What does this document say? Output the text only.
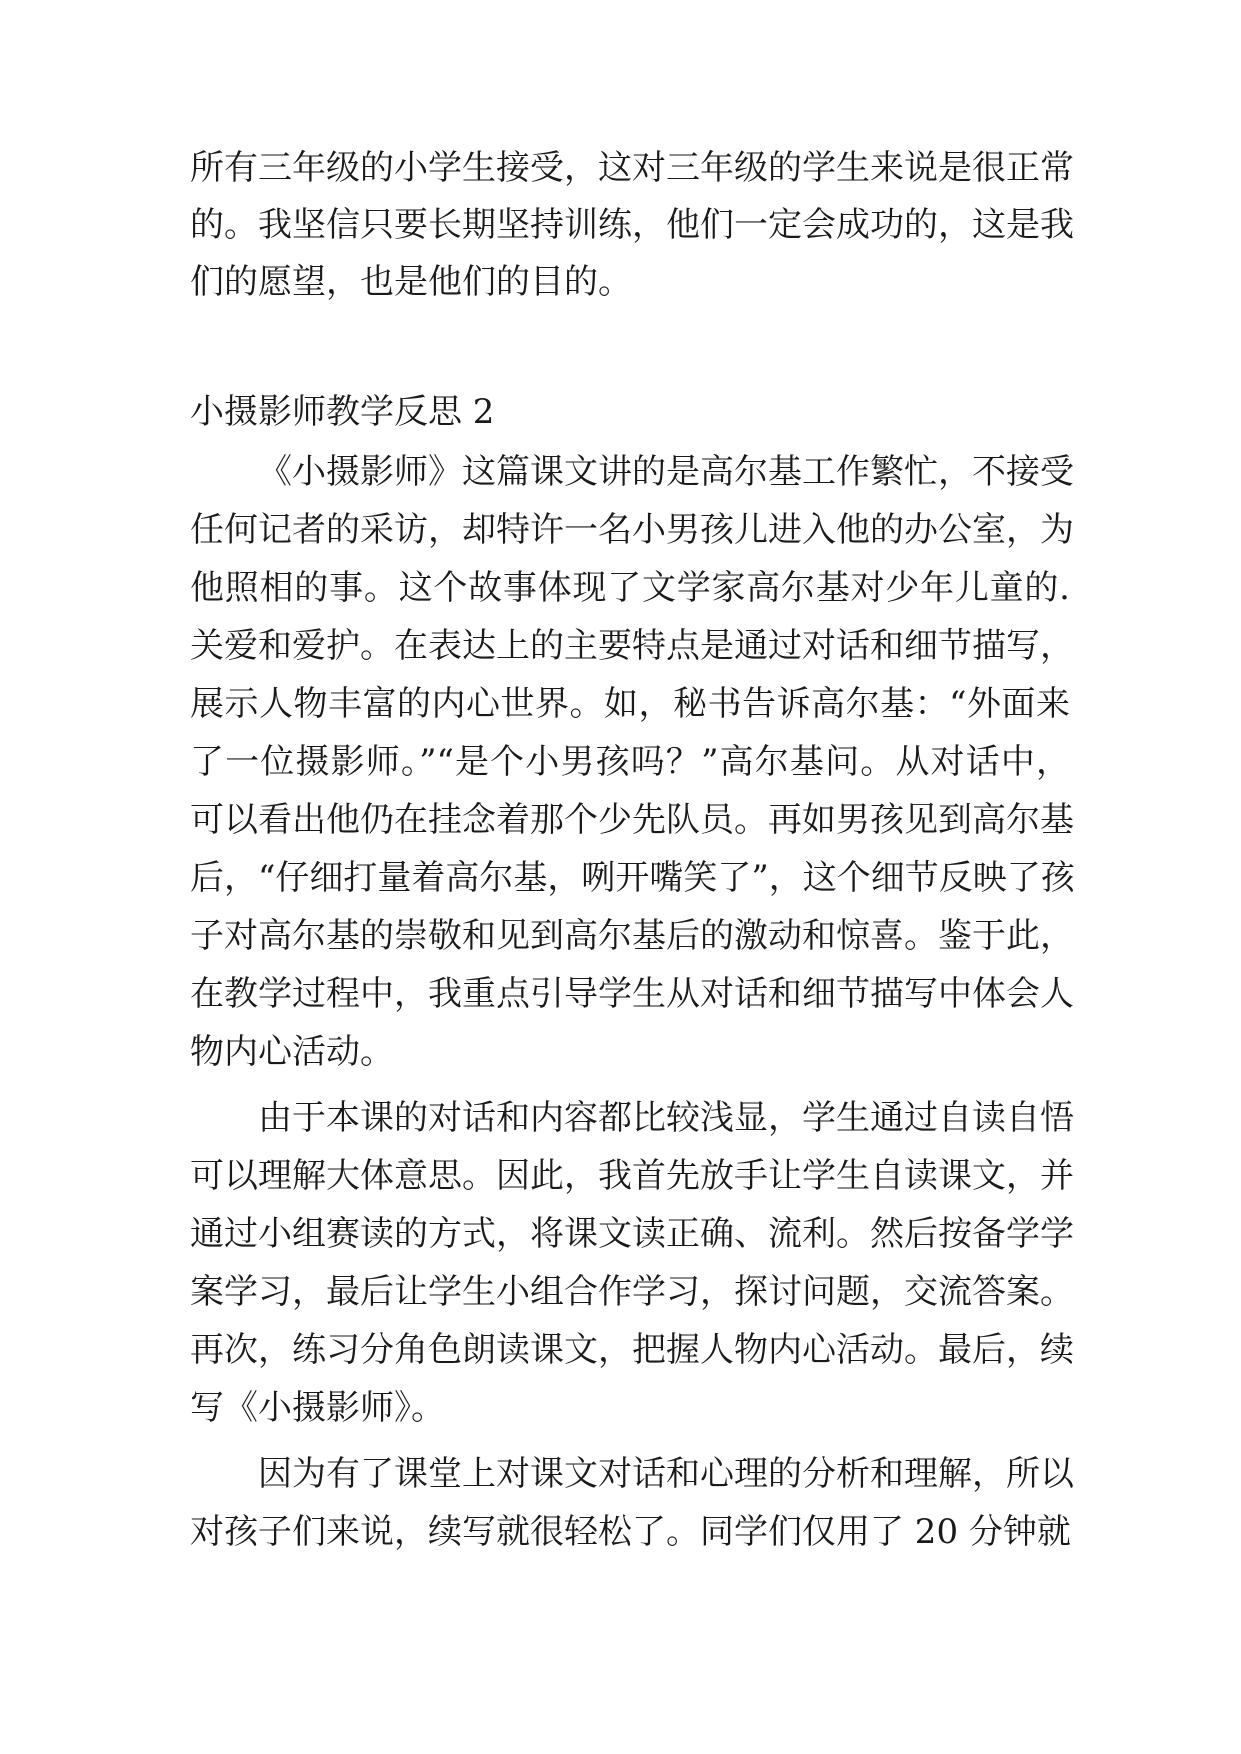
所有三年级的小学生接受，这对三年级的学生来说是很正常
的。我坚信只要长期坚持训练，他们一定会成功的，这是我
们的愿望，也是他们的目的。
小摄影师教学反思 2
《小摄影师》这篇课文讲的是高尔基工作繁忙，不接受
任何记者的采访，却特许一名小男孩儿进入他的办公室，为
他照相的事。这个故事体现了文学家高尔基对少年儿童的.
关爱和爱护。在表达上的主要特点是通过对话和细节描写，
展示人物丰富的内心世界。如，秘书告诉高尔基：“外面来
了一位摄影师。”“是个小男孩吗？”高尔基问。从对话中，
可以看出他仍在挂念着那个少先队员。再如男孩见到高尔基
后，“仔细打量着高尔基，咧开嘴笑了”，这个细节反映了孩
子对高尔基的崇敬和见到高尔基后的激动和惊喜。鉴于此，
在教学过程中，我重点引导学生从对话和细节描写中体会人
物内心活动。
由于本课的对话和内容都比较浅显，学生通过自读自悟
可以理解大体意思。因此，我首先放手让学生自读课文，并
通过小组赛读的方式，将课文读正确、流利。然后按备学学
案学习，最后让学生小组合作学习，探讨问题，交流答案。
再次，练习分角色朗读课文，把握人物内心活动。最后，续
写《小摄影师》。
因为有了课堂上对课文对话和心理的分析和理解，所以
对孩子们来说，续写就很轻松了。同学们仅用了 20 分钟就
